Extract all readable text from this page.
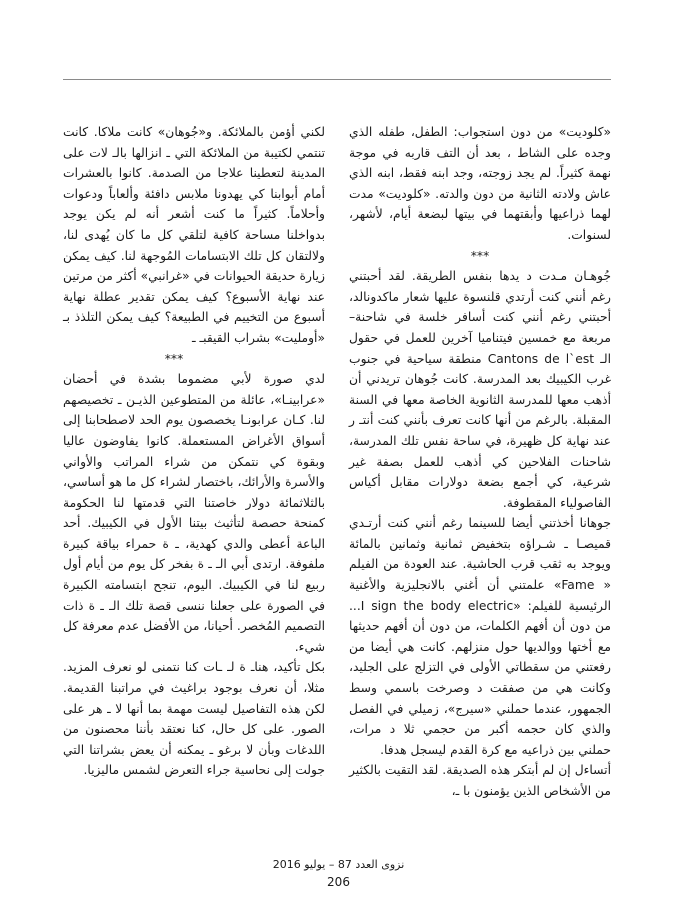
«كلوديت» من دون استجواب: الطفل، طفله الذي وجده على الشاط ، بعد أن التف قاربه في موجة نهمة كثيراً. لم يجد زوجته، وجد ابنه فقط، ابنه الذي عاش ولادته الثانية من دون والدته. «كلوديت» مدت لهما ذراعيها وأبقتهما في بيتها لبضعة أيام، لأشهر، لسنوات.

***

جُوهـان مـدت د يدها بنفس الطريقة. لقد أحبتني رغم أنني كنت أرتدي قلنسوة عليها شعار ماكدونالد، أحبتني رغم أنني كنت أسافر خلسة في شاحنة– مربعة مع خمسين فيتناميا آخرين للعمل في حقول الـ Cantons de l`est منطقة سياحية في جنوب غرب الكيبيك بعد المدرسة. كانت جُوهان تريدني أن أذهب معها للمدرسة الثانوية الخاصة معها في السنة المقبلة. بالرغم من أنها كانت تعرف بأنني كنت أنتـ ر عند نهاية كل ظهيرة، في ساحة نفس تلك المدرسة، شاحنات الفلاحين كي أذهب للعمل بصفة غير شرعية، كي أجمع بضعة دولارات مقابل أكياس الفاصولياء المقطوفة.

جوهانا أخذتني أيضا للسينما رغم أنني كنت أرتـدي قميصـا ـ شـراؤه بتخفيض ثمانية وثمانين بالمائة ويوجد به ثقب قرب الحاشية. عند العودة من الفيلم « Fame» علمتني أن أغني بالانجليزية والأغنية الرئيسية للفيلم: «I sign the body electric... من دون أن أفهم الكلمات، من دون أن أفهم حديثها مع أختها ووالديها حول منزلهم. كانت هي أيضا من رفعتني من سقطاتي الأولى في التزلج على الجليد، وكانت هي من صفقت د وصرخت باسمي وسط الجمهور، عندما حملني «سيرج»، زميلي في الفصل والذي كان حجمه أكبر من حجمي ثلا د مرات، حملني بين ذراعيه مع كرة القدم ليسجل هدفا.

أتساءل إن لم أبتكر هذه الصديقة. لقد التقيت بالكثير من الأشخاص الذين يؤمنون با ـ،

لكني أؤمن بالملائكة. و«جُوهان» كانت ملاكا. كانت تنتمي لكتيبة من الملائكة التي ـ انزالها بالـ لات على المدينة لتعطينا علاجا من الصدمة. كانوا بالعشرات أمام أبوابنا كي يهدونا ملابس دافئة وألعاباً ودعوات وأحلاماً. كثيراً ما كنت أشعر أنه لم يكن يوجد بدواخلنا مساحة كافية لتلقي كل ما كان يُهدى لنا، ولالتقان كل تلك الابتسامات المُوجهة لنا. كيف يمكن زيارة حديقة الحيوانات في «غرانبي» أكثر من مرتين عند نهاية الأسبوع؟ كيف يمكن تقدير عطلة نهاية أسبوع من التخييم في الطبيعة؟ كيف يمكن التلذذ بـ «أومليت» بشراب القيقبـ ـ

***

لدي صورة لأبي مضموما بشدة في أحضان «عرابينـا»، عائلة من المتطوعين الذيـن ـ تخصيصهم لنا. كـان عرابونـا يخصصون يوم الحد لاصطحابنا إلى أسواق الأغراض المستعملة. كانوا يفاوضون عاليا وبقوة كي نتمكن من شراء المراتب والأواني والأسرة والأرائك، باختصار لشراء كل ما هو أساسي، بالثلاثمائة دولار خاصتنا التي قدمتها لنا الحكومة كمنحة حصصة لتأثيث بيتنا الأول في الكيبيك. أحد الباعة أعطى والدي كهدية، ـ ة حمراء بياقة كبيرة ملفوفة. ارتدى أبي الـ ـ ة بفخر كل يوم من أيام أول ربيع لنا في الكيبيك. اليوم، تنجح ابتسامته الكبيرة في الصورة على جعلنا ننسى قصة تلك الـ ـ ة ذات التصميم المُخصر. أحيانا، من الأفضل عدم معرفة كل شيء.

بكل تأكيد، هناـ ة لـ ـات كنا نتمنى لو نعرف المزيد. مثلا، أن نعرف بوجود براغيث في مراتبنا القديمة. لكن هذه التفاصيل ليست مهمة بما أنها لا ـ هر على الصور. على كل حال، كنا نعتقد بأننا محصنون من اللدغات وبأن لا برغو ـ يمكنه أن يعض بشراتنا التي جولت إلى نحاسية جراء التعرض لشمس ماليزيا.

نزوى العدد 87 – يوليو 2016
206
